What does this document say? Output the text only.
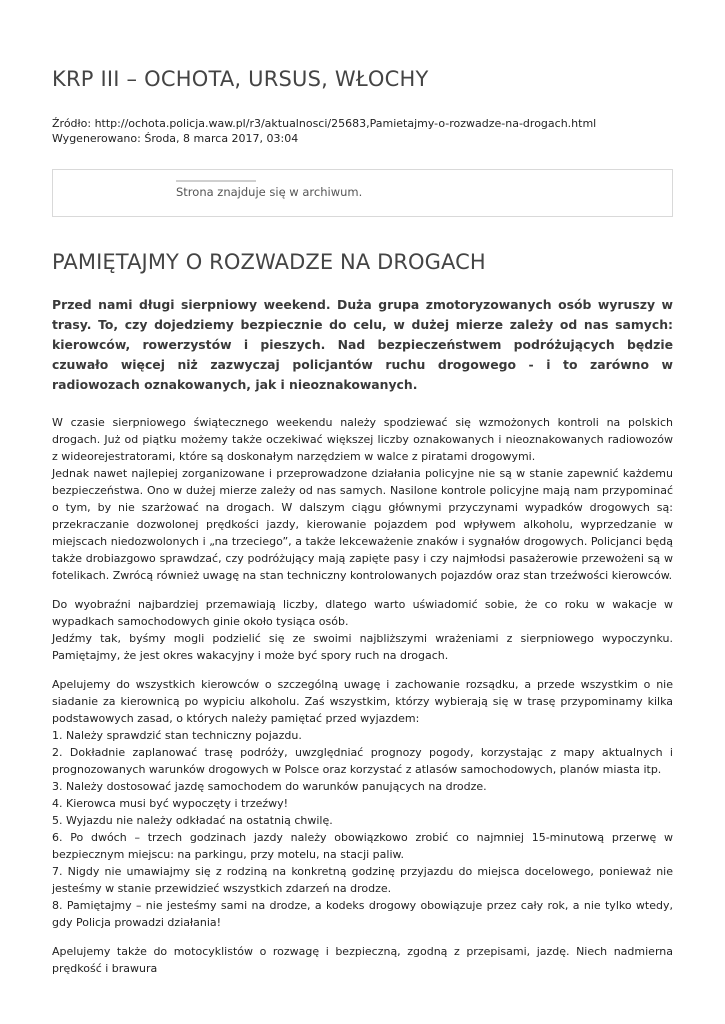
KRP III – OCHOTA, URSUS, WŁOCHY
Źródło: http://ochota.policja.waw.pl/r3/aktualnosci/25683,Pamietajmy-o-rozwadze-na-drogach.html
Wygenerowano: Środa, 8 marca 2017, 03:04
Strona znajduje się w archiwum.
PAMIĘTAJMY O ROZWADZE NA DROGACH
Przed nami długi sierpniowy weekend. Duża grupa zmotoryzowanych osób wyruszy w trasy. To, czy dojedziemy bezpiecznie do celu, w dużej mierze zależy od nas samych: kierowców, rowerzystów i pieszych. Nad bezpieczeństwem podróżujących będzie czuwało więcej niż zazwyczaj policjantów ruchu drogowego - i to zarówno w radiowozach oznakowanych, jak i nieoznakowanych.

W czasie sierpniowego świątecznego weekendu należy spodziewać się wzmożonych kontroli na polskich drogach. Już od piątku możemy także oczekiwać większej liczby oznakowanych i nieoznakowanych radiowozów z wideorejestratorami, które są doskonałym narzędziem w walce z piratami drogowymi.
Jednak nawet najlepiej zorganizowane i przeprowadzone działania policyjne nie są w stanie zapewnić każdemu bezpieczeństwa. Ono w dużej mierze zależy od nas samych. Nasilone kontrole policyjne mają nam przypominać o tym, by nie szarżować na drogach. W dalszym ciągu głównymi przyczynami wypadków drogowych są: przekraczanie dozwolonej prędkości jazdy, kierowanie pojazdem pod wpływem alkoholu, wyprzedzanie w miejscach niedozwolonych i „na trzeciego”, a także lekceważenie znaków i sygnałów drogowych. Policjanci będą także drobiazgowo sprawdzać, czy podróżujący mają zapięte pasy i czy najmłodsi pasażerowie przewożeni są w fotelikach. Zwrócą również uwagę na stan techniczny kontrolowanych pojazdów oraz stan trzeźwości kierowców.

Do wyobraźni najbardziej przemawiają liczby, dlatego warto uświadomić sobie, że co roku w wakacje w wypadkach samochodowych ginie około tysiąca osób.
Jedźmy tak, byśmy mogli podzielić się ze swoimi najbliższymi wrażeniami z sierpniowego wypoczynku. Pamiętajmy, że jest okres wakacyjny i może być spory ruch na drogach.

Apelujemy do wszystkich kierowców o szczególną uwagę i zachowanie rozsądku, a przede wszystkim o nie siadanie za kierownicą po wypiciu alkoholu. Zaś wszystkim, którzy wybierają się w trasę przypominamy kilka podstawowych zasad, o których należy pamiętać przed wyjazdem:
1. Należy sprawdzić stan techniczny pojazdu.
2. Dokładnie zaplanować trasę podróży, uwzględniać prognozy pogody, korzystając z mapy aktualnych i prognozowanych warunków drogowych w Polsce oraz korzystać z atlasów samochodowych, planów miasta itp.
3. Należy dostosować jazdę samochodem do warunków panujących na drodze.
4. Kierowca musi być wypoczęty i trzeźwy!
5. Wyjazdu nie należy odkładać na ostatnią chwilę.
6. Po dwóch – trzech godzinach jazdy należy obowiązkowo zrobić co najmniej 15-minutową przerwę w bezpiecznym miejscu: na parkingu, przy motelu, na stacji paliw.
7. Nigdy nie umawiajmy się z rodziną na konkretną godzinę przyjazdu do miejsca docelowego, ponieważ nie jesteśmy w stanie przewidzieć wszystkich zdarzeń na drodze.
8. Pamiętajmy – nie jesteśmy sami na drodze, a kodeks drogowy obowiązuje przez cały rok, a nie tylko wtedy, gdy Policja prowadzi działania!

Apelujemy także do motocyklistów o rozwagę i bezpieczną, zgodną z przepisami, jazdę. Niech nadmierna prędkość i brawura
